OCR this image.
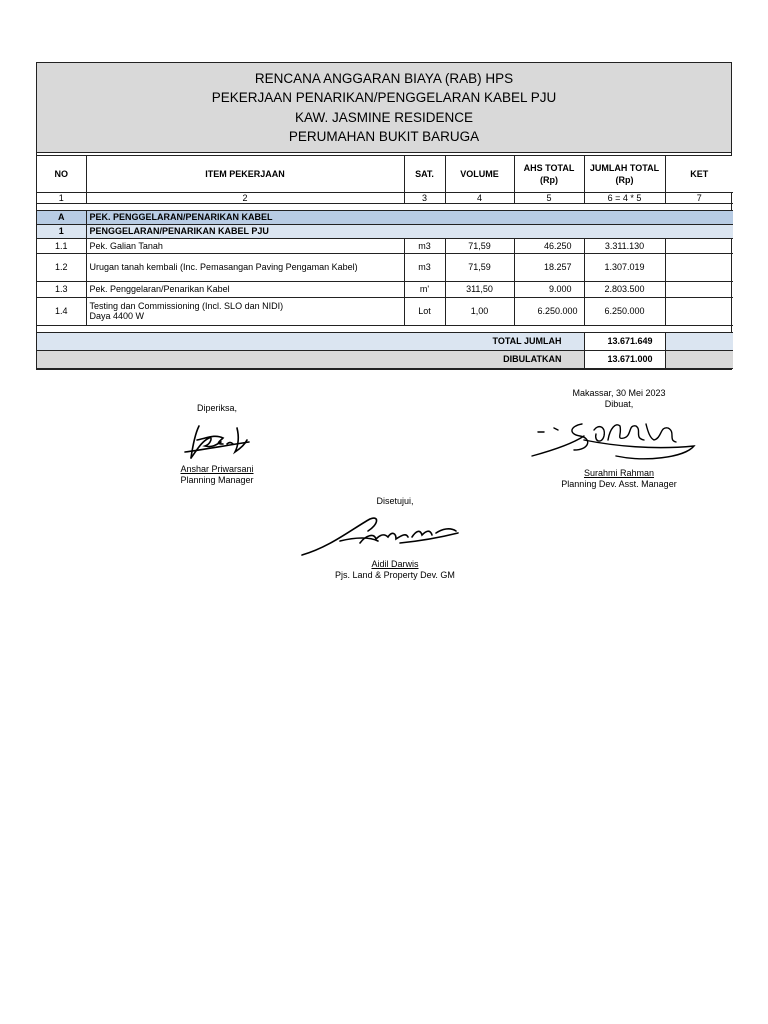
RENCANA ANGGARAN BIAYA (RAB) HPS
PEKERJAAN PENARIKAN/PENGGELARAN KABEL PJU
KAW. JASMINE RESIDENCE
PERUMAHAN BUKIT BARUGA
NO	ITEM PEKERJAAN	SAT.	VOLUME	AHS TOTAL
(Rp)	JUMLAH TOTAL
(Rp)	KET
1	2	3	4	5	6 = 4 * 5	7

A	PEK. PENGGELARAN/PENARIKAN KABEL					
1	PENGGELARAN/PENARIKAN KABEL PJU					
1.1	Pek. Galian Tanah	m3	71,59	46.250	3.311.130	
1.2	Urugan tanah kembali (Inc. Pemasangan Paving Pengaman Kabel)	m3	71,59	18.257	1.307.019	
1.3	Pek. Penggelaran/Penarikan Kabel	m'	311,50	9.000	2.803.500	
1.4	Testing dan Commissioning (Incl. SLO dan NIDI)
Daya 4400 W	Lot	1,00	6.250.000	6.250.000	

TOTAL JUMLAH					13.671.649	
DIBULATKAN					13.671.000	
Diperiksa,
Anshar Priwarsani
Planning Manager
Makassar, 30 Mei 2023
Dibuat,
Surahmi Rahman
Planning Dev. Asst. Manager
Disetujui,
Aidil Darwis
Pjs. Land & Property Dev. GM
